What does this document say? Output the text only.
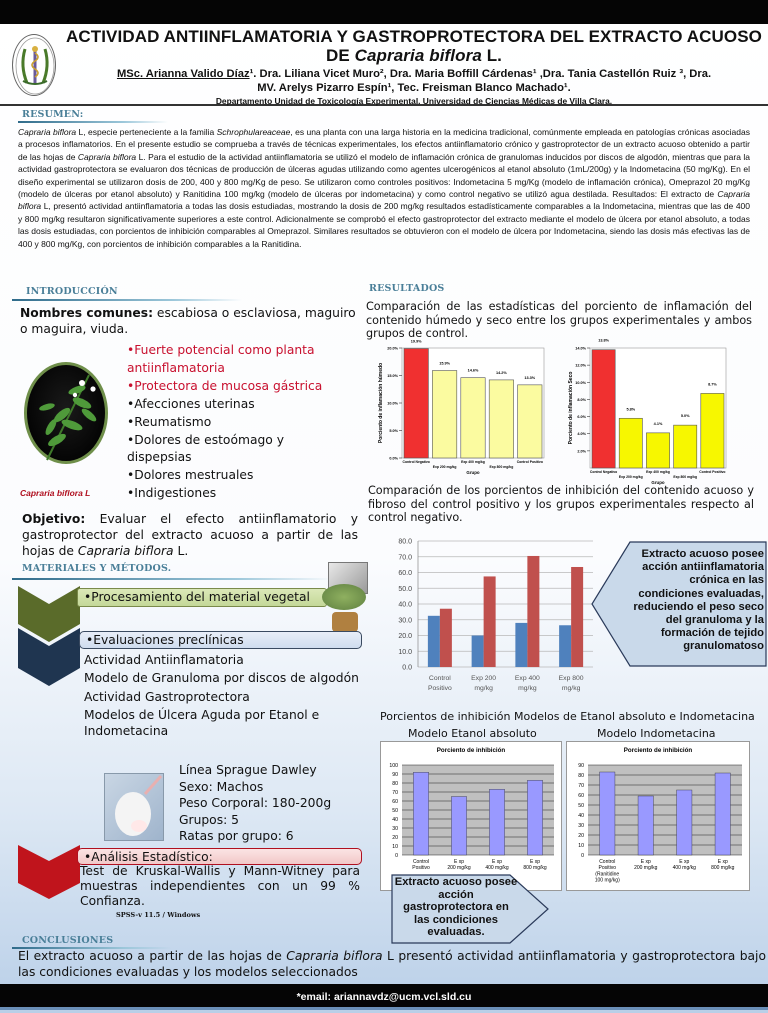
ACTIVIDAD ANTIINFLAMATORIA Y GASTROPROTECTORA DEL EXTRACTO ACUOSO
DE Capraria biflora L.
MSc. Arianna Valido Díaz¹. Dra. Liliana Vicet Muro², Dra. Maria Boffill Cárdenas¹ ,Dra. Tania Castellón Ruiz ³, Dra.
MV. Arelys Pizarro Espín¹, Tec. Freisman Blanco Machado¹.
Departamento Unidad de Toxicología Experimental. Universidad de Ciencias Médicas de Villa Clara.
RESUMEN:
Capraria biflora L, especie perteneciente a la familia Schrophulareaceae, es una planta con una larga historia en la medicina tradicional, comúnmente empleada en patologías crónicas asociadas a procesos inflamatorios. En el presente estudio se comprueba a través de técnicas experimentales, los efectos antiinflamatorio crónico y gastroprotector de un extracto acuoso obtenido a partir de las hojas de Capraria biflora L. Para el estudio de la actividad antiinflamatoria se utilizó el modelo de inflamación crónica de granulomas inducidos por discos de algodón, mientras que para la actividad gastroprotectora se evaluaron dos técnicas de producción de úlceras agudas utilizando como agentes ulcerogénicos al etanol absoluto (1mL/200g) y la Indometacina (50 mg/Kg). En el diseño experimental se utilizaron dosis de 200, 400 y 800 mg/Kg de peso. Se utilizaron como controles positivos: Indometacina 5 mg/Kg (modelo de inflamación crónica), Omeprazol 20 mg/Kg (modelo de úlceras por etanol absoluto) y Ranitidina 100 mg/kg (modelo de úlceras por indometacina) y como control negativo se utilizó agua destilada. Resultados: El extracto de Capraria biflora L, presentó actividad antiinflamatoria a todas las dosis estudiadas, mostrando la dosis de 200 mg/kg resultados estadísticamente comparables a la Indometacina, mientras que las de 400 y 800 mg/kg resultaron significativamente superiores a este control. Adicionalmente se comprobó el efecto gastroprotector del extracto mediante el modelo de úlcera por etanol absoluto, a todas las dosis estudiadas, con porcientos de inhibición comparables al Omeprazol. Similares resultados se obtuvieron con el modelo de úlcera por Indometacina, siendo las dosis más efectivas las de 400 y 800 mg/Kg, con porcientos de inhibición comparables a la Ranitidina.
INTRODUCCIÓN
Nombres comunes: escabiosa o esclaviosa, maguiro o maguira, viuda.
Capraria biflora L
•Fuerte potencial como planta
antiinflamatoria
•Protectora de mucosa gástrica
•Afecciones uterinas
•Reumatismo
•Dolores de estoómago y
dispepsias
•Dolores mestruales
•Indigestiones
Objetivo: Evaluar el efecto antiinflamatorio y gastroprotector del extracto acuoso a partir de las hojas de Capraria biflora L.
MATERIALES Y MÉTODOS.
•Procesamiento del material vegetal
•Evaluaciones preclínicas
Actividad Antiinflamatoria
Modelo de Granuloma por discos de algodón
Actividad Gastroprotectora
Modelos de Úlcera Aguda por Etanol e Indometacina
Línea Sprague Dawley
Sexo: Machos
Peso Corporal: 180-200g
Grupos: 5
Ratas por grupo: 6
•Análisis Estadístico:
Test de Kruskal-Wallis y Mann-Witney para muestras independientes con un 99 % Confianza.
SPSS-v 11.5 / Windows
RESULTADOS
Comparación de las estadísticas del porciento de inflamación del contenido húmedo y seco entre los grupos experimentales y ambos grupos de control.
0.0%
5.0%
10.0%
15.0%
20.0%
19.9%
Control Negativo
15.9%
Exp 200 mg/kg
14.6%
Exp 400 mg/kg
14.2%
Exp 800 mg/kg
13.3%
Control Positivo
Grupo
Porciento de inflamación húmedo
2.0%
4.0%
6.0%
8.0%
10.0%
12.0%
14.0%
13.8%
Control Negativo
5.8%
Exp 200 mg/kg
4.1%
Exp 400 mg/kg
5.0%
Exp 800 mg/kg
8.7%
Control Positivo
Grupo
Porciento de inflamación Seco
Comparación de los porcientos de inhibición del contenido acuoso y fibroso del control positivo y los grupos experimentales respecto al control negativo.
0.0
10.0
20.0
30.0
40.0
50.0
60.0
70.0
80.0
Control
Positivo
Exp 200
mg/kg
Exp 400
mg/kg
Exp 800
mg/kg
Extracto acuoso posee acción antiinflamatoria crónica en las condiciones evaluadas, reduciendo el peso seco del granuloma y la formación de tejido granulomatoso
Porcientos de inhibición Modelos de Etanol absoluto e Indometacina
Modelo Etanol absoluto	Modelo Indometacina
Porciento de inhibición
0
10
20
30
40
50
60
70
80
90
100
Control
Positivo
E xp
200 mg/kg
E xp
400 mg/kg
E xp
800 mg/kg
Porciento de inhibición
0
10
20
30
40
50
60
70
80
90
Control
Positivo
(Ranitidine
100 mg/kg)
E xp
200 mg/kg
E xp
400 mg/kg
E xp
800 mg/kg
Extracto acuoso posee acción gastroprotectora en las condiciones evaluadas.
CONCLUSIONES
El extracto acuoso a partir de las hojas de Capraria biflora L presentó actividad antiinflamatoria y gastroprotectora bajo las condiciones evaluadas y los modelos seleccionados
*email: ariannavdz@ucm.vcl.sld.cu
